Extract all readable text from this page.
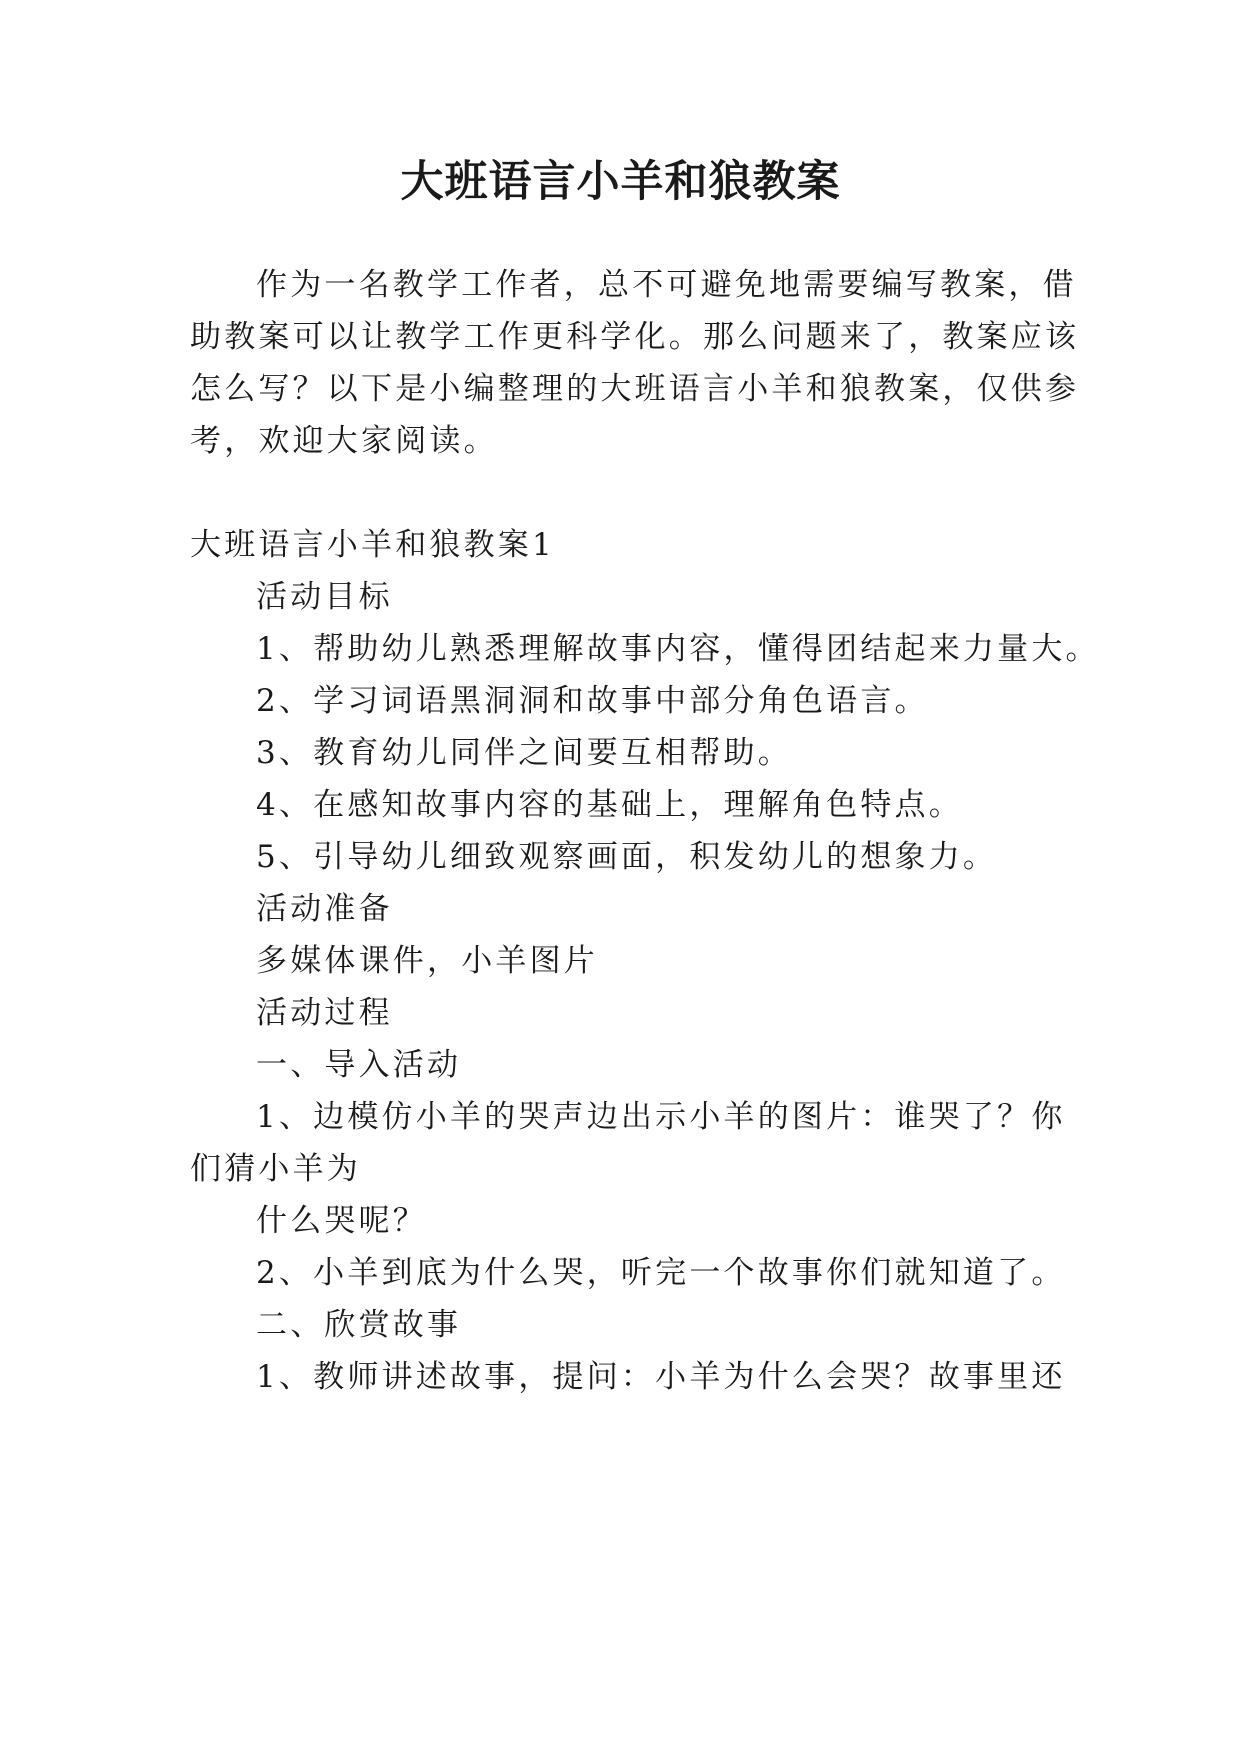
大班语言小羊和狼教案
作为一名教学工作者，总不可避免地需要编写教案，借
助教案可以让教学工作更科学化。那么问题来了，教案应该
怎么写？以下是小编整理的大班语言小羊和狼教案，仅供参
考，欢迎大家阅读。
大班语言小羊和狼教案1
活动目标
1、帮助幼儿熟悉理解故事内容，懂得团结起来力量大。
2、学习词语黑洞洞和故事中部分角色语言。
3、教育幼儿同伴之间要互相帮助。
4、在感知故事内容的基础上，理解角色特点。
5、引导幼儿细致观察画面，积发幼儿的想象力。
活动准备
多媒体课件，小羊图片
活动过程
一、导入活动
1、边模仿小羊的哭声边出示小羊的图片：谁哭了？你
们猜小羊为
什么哭呢？
2、小羊到底为什么哭，听完一个故事你们就知道了。
二、欣赏故事
1、教师讲述故事，提问：小羊为什么会哭？故事里还
